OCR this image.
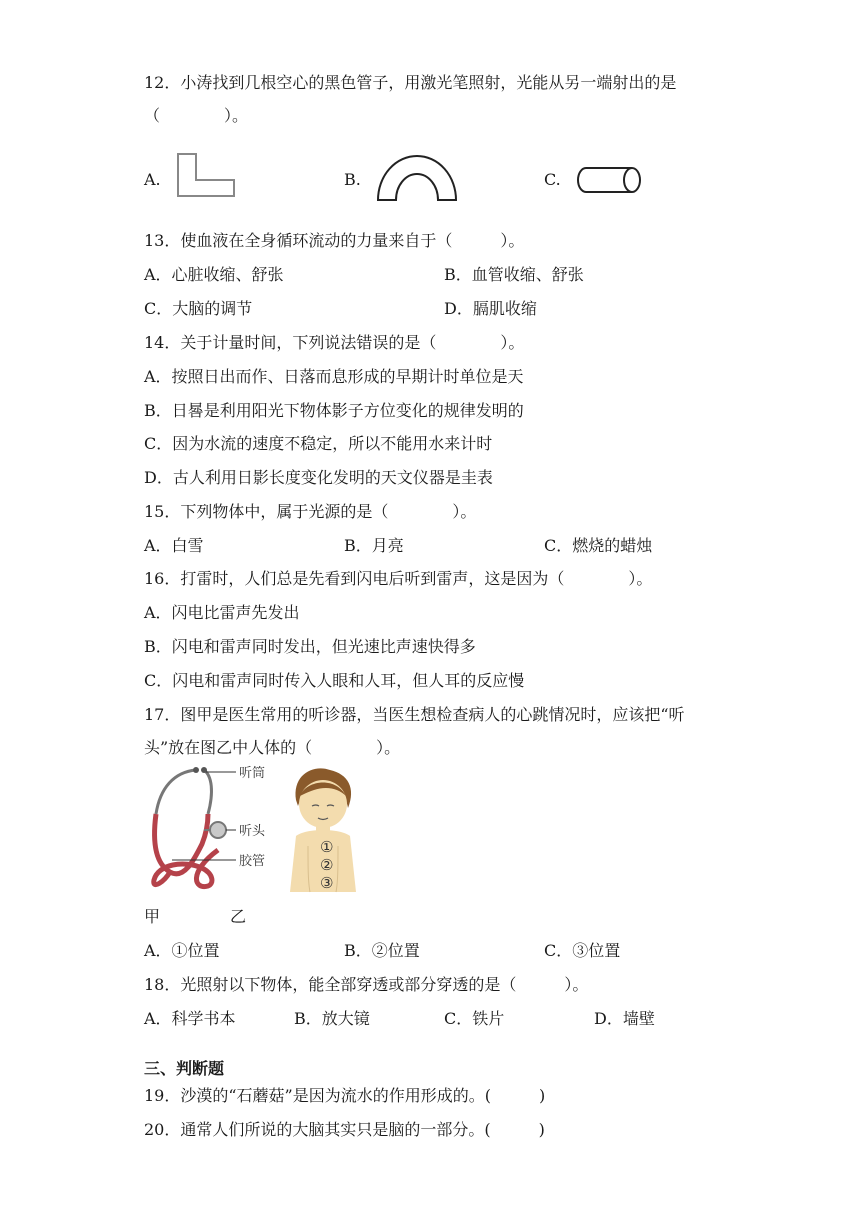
12．小涛找到几根空心的黑色管子，用激光笔照射，光能从另一端射出的是
（　　　　）。
A.	B.	C.
13．使血液在全身循环流动的力量来自于（　　　）。
A．心脏收缩、舒张	B．血管收缩、舒张
C．大脑的调节	D．膈肌收缩
14．关于计量时间，下列说法错误的是（　　　　）。
A．按照日出而作、日落而息形成的早期计时单位是天
B．日晷是利用阳光下物体影子方位变化的规律发明的
C．因为水流的速度不稳定，所以不能用水来计时
D．古人利用日影长度变化发明的天文仪器是圭表
15．下列物体中，属于光源的是（　　　　）。
A．白雪	B．月亮	C．燃烧的蜡烛
16．打雷时，人们总是先看到闪电后听到雷声，这是因为（　　　　）。
A．闪电比雷声先发出
B．闪电和雷声同时发出，但光速比声速快得多
C．闪电和雷声同时传入人眼和人耳，但人耳的反应慢
17．图甲是医生常用的听诊器，当医生想检查病人的心跳情况时，应该把“听
头”放在图乙中人体的（　　　　）。
听筒
听头
胶管
①
②
③
甲	乙
A．①位置	B．②位置	C．③位置
18．光照射以下物体，能全部穿透或部分穿透的是（　　　）。
A．科学书本	B．放大镜	C．铁片	D．墙壁
三、判断题
19．沙漠的“石蘑菇”是因为流水的作用形成的。(　　　)
20．通常人们所说的大脑其实只是脑的一部分。(　　　)
